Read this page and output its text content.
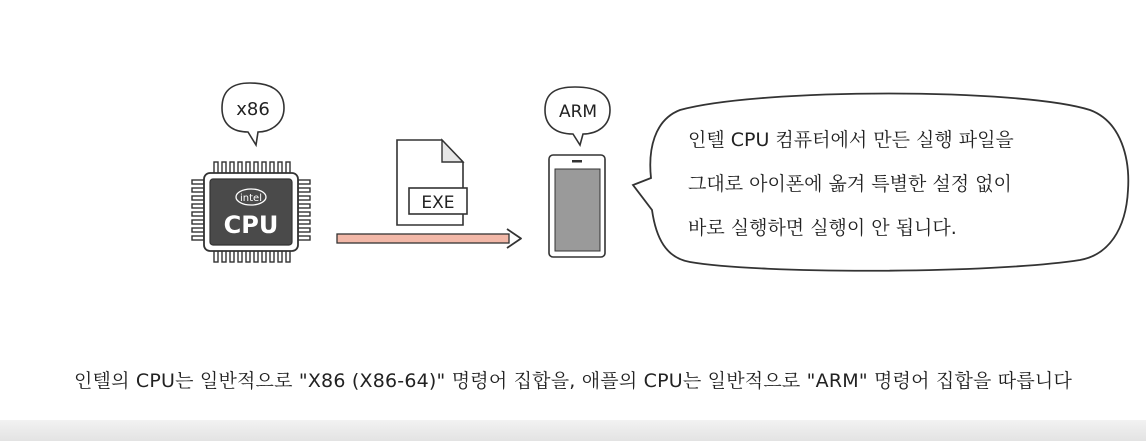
x86
intel
CPU
EXE
ARM
인텔 CPU 컴퓨터에서 만든 실행 파일을
그대로 아이폰에 옮겨 특별한 설정 없이
바로 실행하면 실행이 안 됩니다.
인텔의 CPU는 일반적으로 "X86 (X86-64)" 명령어 집합을, 애플의 CPU는 일반적으로 "ARM" 명령어 집합을 따릅니다
